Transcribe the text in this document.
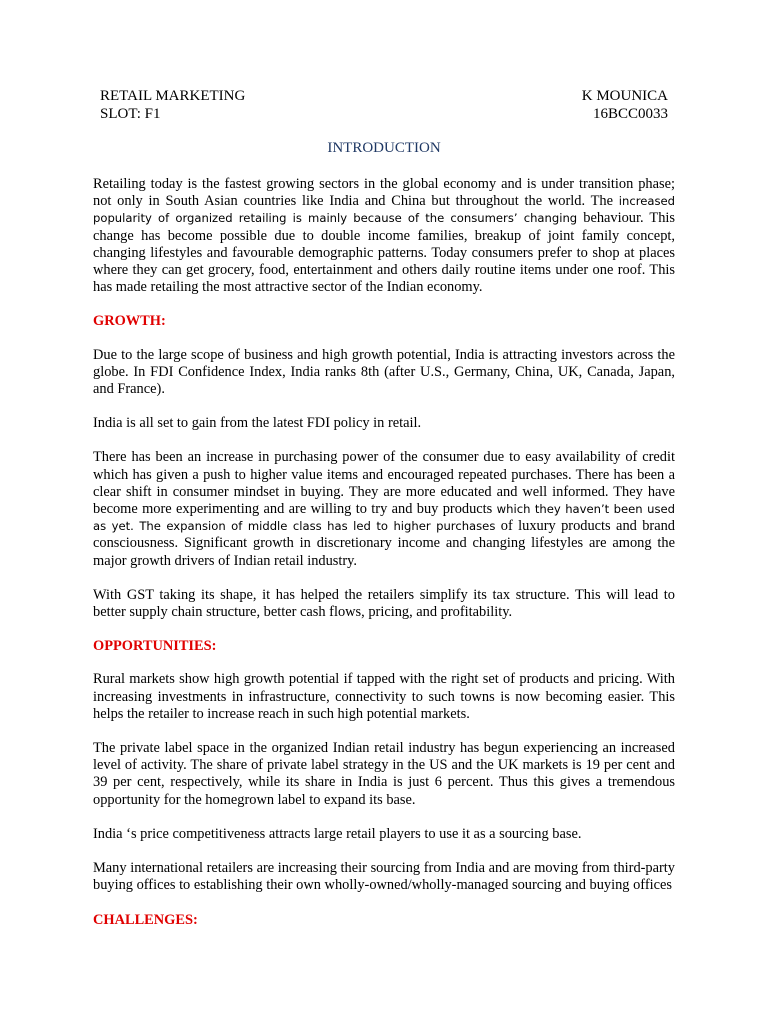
RETAIL MARKETING	K MOUNICA
SLOT: F1	16BCC0033
INTRODUCTION

Retailing today is the fastest growing sectors in the global economy and is under transition phase; not only in South Asian countries like India and China but throughout the world. The increased popularity of organized retailing is mainly because of the consumers’ changing behaviour. This change has become possible due to double income families, breakup of joint family concept, changing lifestyles and favourable demographic patterns. Today consumers prefer to shop at places where they can get grocery, food, entertainment and others daily routine items under one roof. This has made retailing the most attractive sector of the Indian economy.

GROWTH:

Due to the large scope of business and high growth potential, India is attracting investors across the globe. In FDI Confidence Index, India ranks 8th (after U.S., Germany, China, UK, Canada, Japan, and France).

India is all set to gain from the latest FDI policy in retail.

There has been an increase in purchasing power of the consumer due to easy availability of credit which has given a push to higher value items and encouraged repeated purchases. There has been a clear shift in consumer mindset in buying. They are more educated and well informed. They have become more experimenting and are willing to try and buy products which they haven’t been used as yet. The expansion of middle class has led to higher purchases of luxury products and brand consciousness. Significant growth in discretionary income and changing lifestyles are among the major growth drivers of Indian retail industry.

With GST taking its shape, it has helped the retailers simplify its tax structure. This will lead to better supply chain structure, better cash flows, pricing, and profitability.

OPPORTUNITIES:

Rural markets show high growth potential if tapped with the right set of products and pricing. With increasing investments in infrastructure, connectivity to such towns is now becoming easier. This helps the retailer to increase reach in such high potential markets.

The private label space in the organized Indian retail industry has begun experiencing an increased level of activity. The share of private label strategy in the US and the UK markets is 19 per cent and 39 per cent, respectively, while its share in India is just 6 percent. Thus this gives a tremendous opportunity for the homegrown label to expand its base.

India ‘s price competitiveness attracts large retail players to use it as a sourcing base.

Many international retailers are increasing their sourcing from India and are moving from third-party buying offices to establishing their own wholly-owned/wholly-managed sourcing and buying offices

CHALLENGES:
